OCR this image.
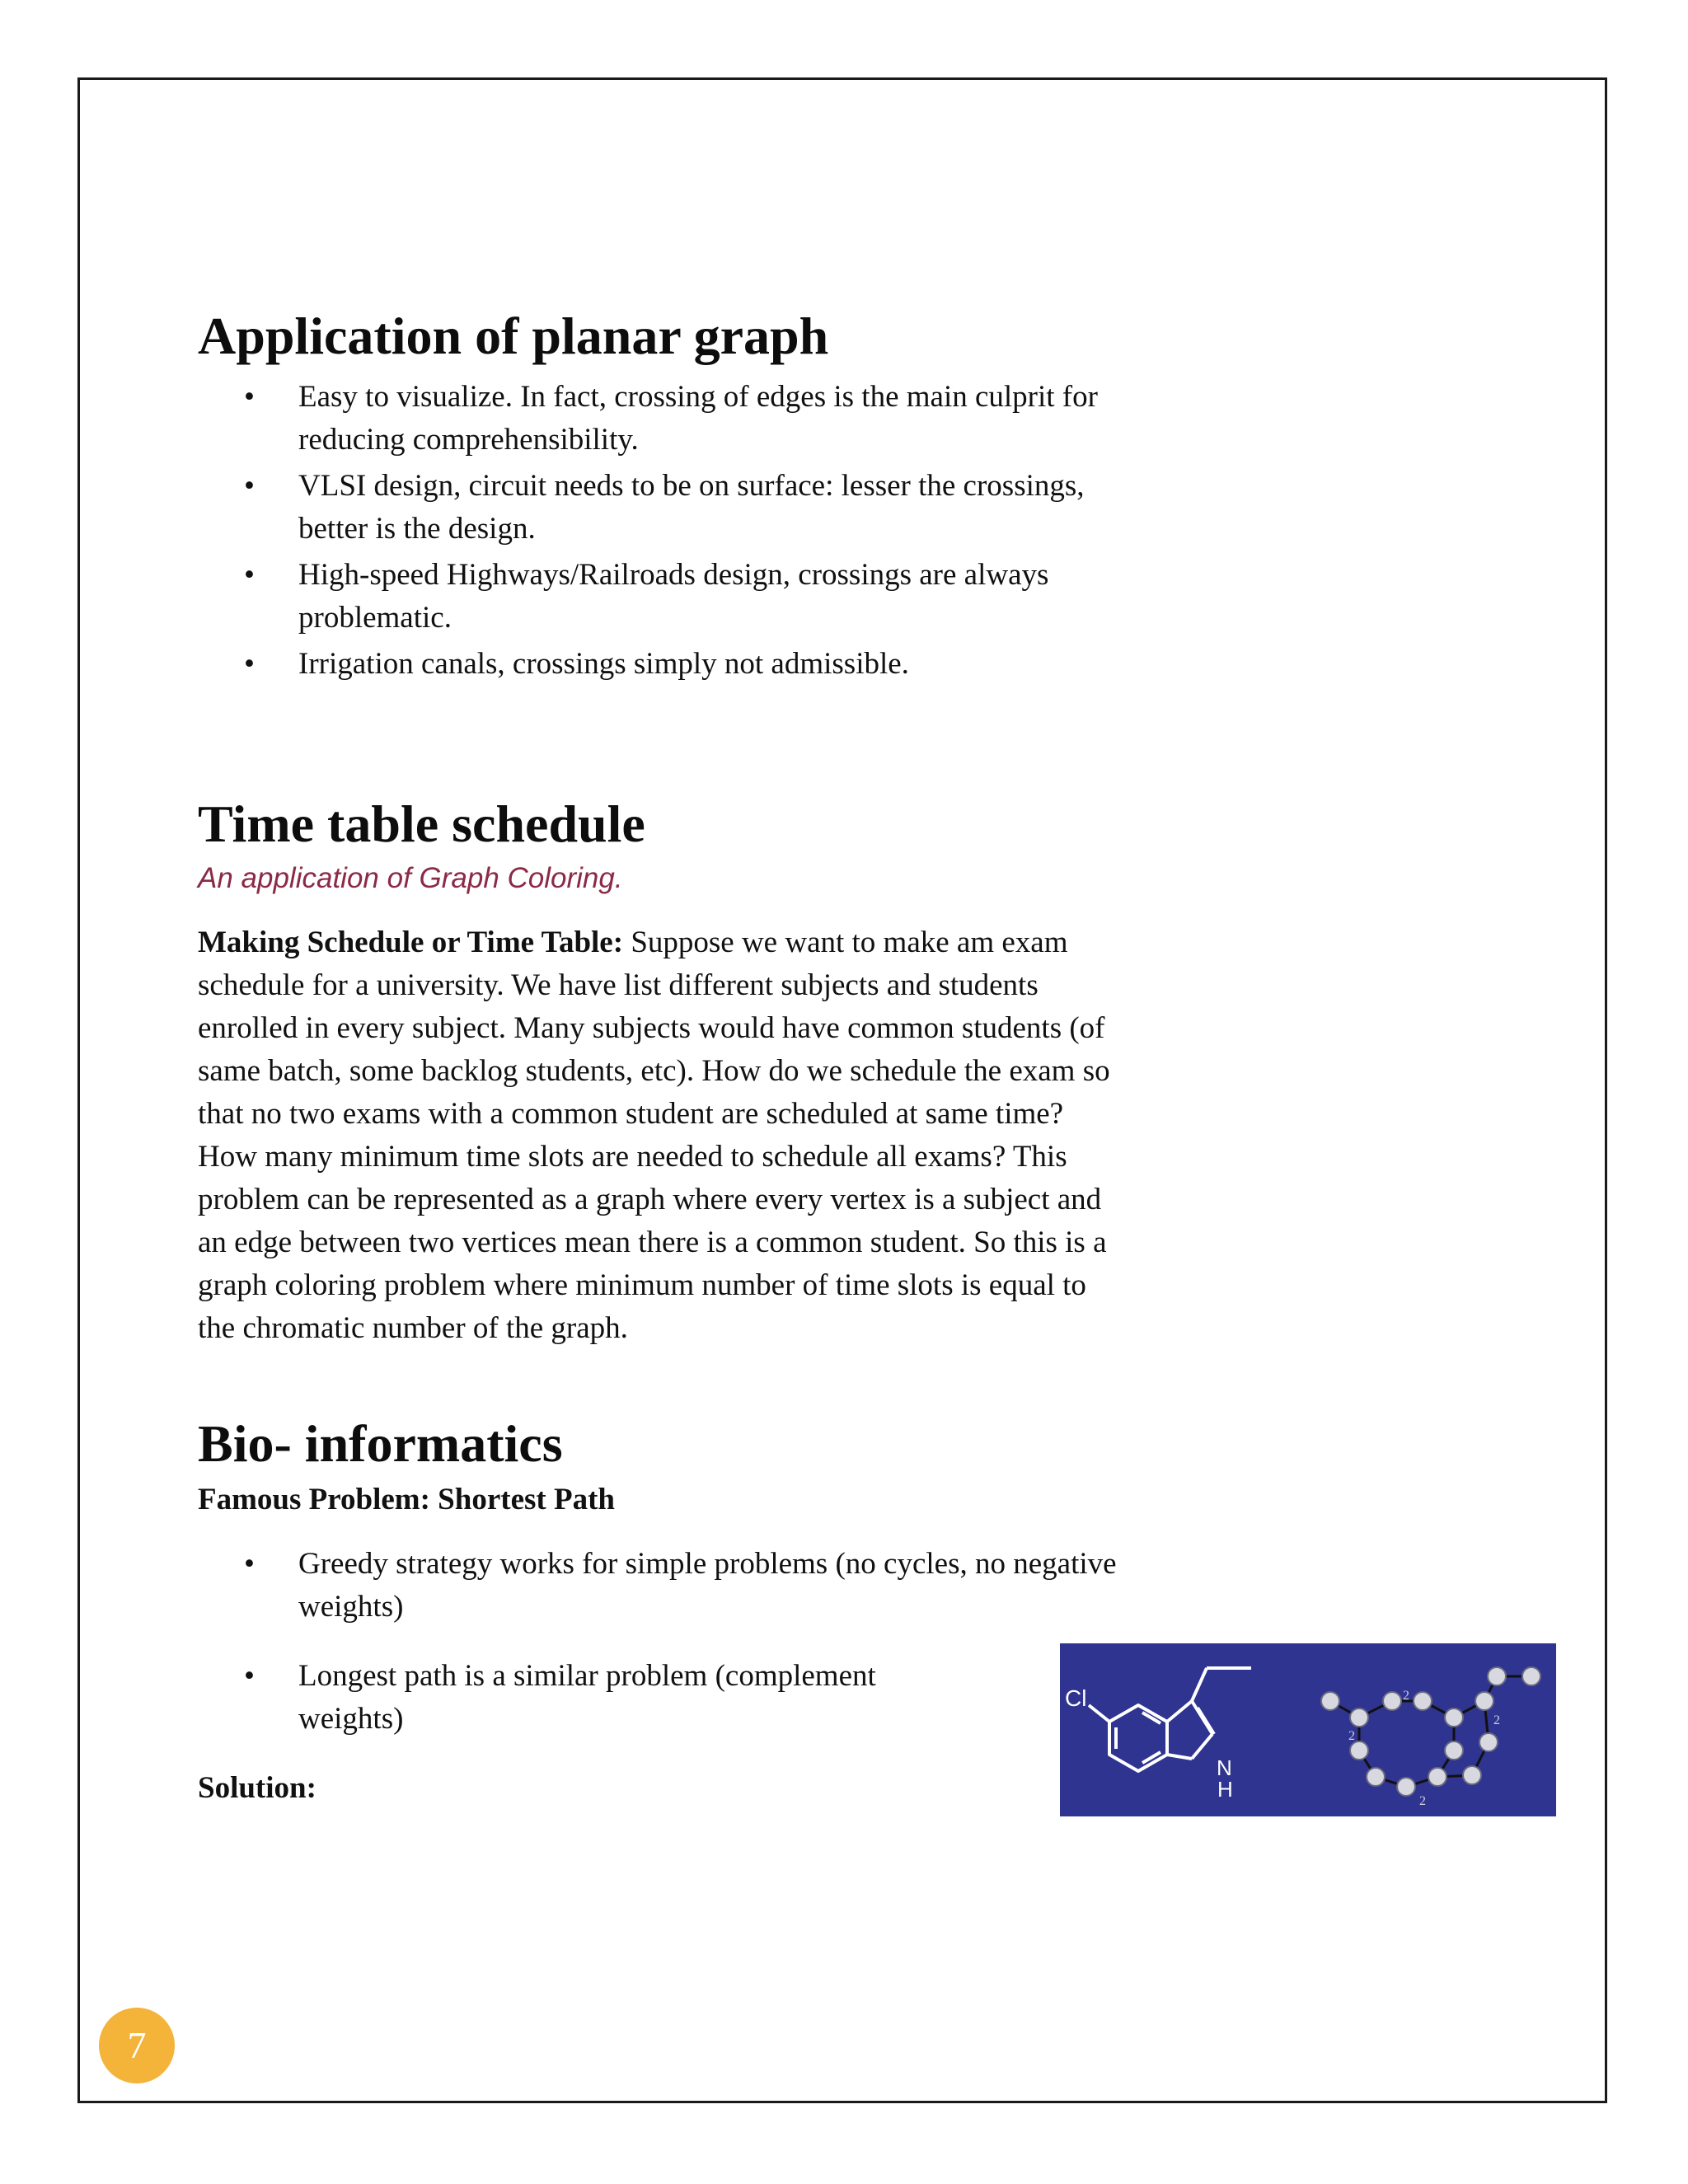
Application of planar graph
• Easy to visualize. In fact, crossing of edges is the main culprit for
reducing comprehensibility.
• VLSI design, circuit needs to be on surface: lesser the crossings,
better is the design.
• High-speed Highways/Railroads design, crossings are always
problematic.
• Irrigation canals, crossings simply not admissible.
Time table schedule
An application of Graph Coloring.
Making Schedule or Time Table: Suppose we want to make am exam
schedule for a university. We have list different subjects and students
enrolled in every subject. Many subjects would have common students (of
same batch, some backlog students, etc). How do we schedule the exam so
that no two exams with a common student are scheduled at same time?
How many minimum time slots are needed to schedule all exams? This
problem can be represented as a graph where every vertex is a subject and
an edge between two vertices mean there is a common student. So this is a
graph coloring problem where minimum number of time slots is equal to
the chromatic number of the graph.
Bio- informatics
Famous Problem: Shortest Path
• Greedy strategy works for simple problems (no cycles, no negative
weights)
• Longest path is a similar problem (complement
weights)
Solution:
Cl
N
H
2
2
2
2
7
